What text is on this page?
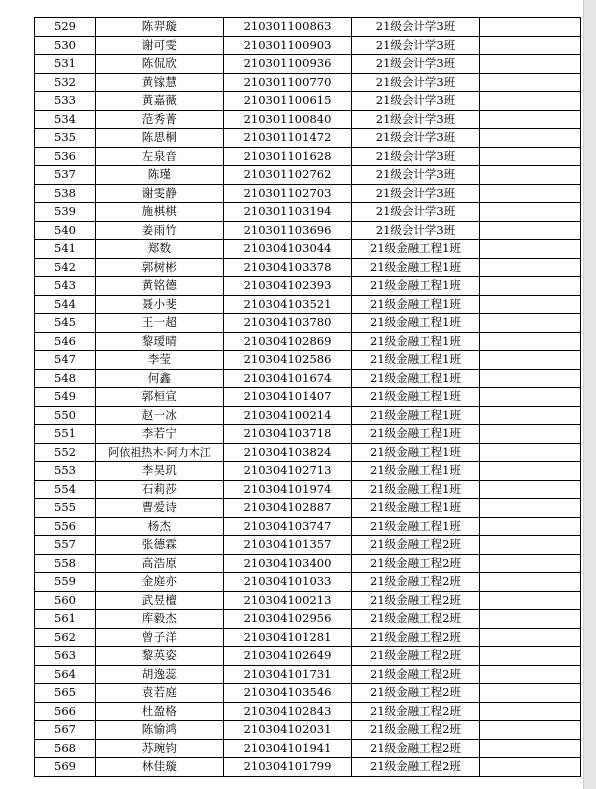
529	陈羿璇	210301100863	21级会计学3班	
530	谢可雯	210301100903	21级会计学3班	
531	陈侃欣	210301100936	21级会计学3班	
532	黄镓慧	210301100770	21级会计学3班	
533	黄嘉薇	210301100615	21级会计学3班	
534	范秀菁	210301100840	21级会计学3班	
535	陈思桐	210301101472	21级会计学3班	
536	左泉音	210301101628	21级会计学3班	
537	陈瑾	210301102762	21级会计学3班	
538	谢雯静	210301102703	21级会计学3班	
539	施棋棋	210301103194	21级会计学3班	
540	姜雨竹	210301103696	21级会计学3班	
541	郑数	210304103044	21级金融工程1班	
542	郭树彬	210304103378	21级金融工程1班	
543	黄铭德	210304102393	21级金融工程1班	
544	聂小斐	210304103521	21级金融工程1班	
545	王一超	210304103780	21级金融工程1班	
546	黎瑷晴	210304102869	21级金融工程1班	
547	李莹	210304102586	21级金融工程1班	
548	何鑫	210304101674	21级金融工程1班	
549	郭桓宣	210304101407	21级金融工程1班	
550	赵一冰	210304100214	21级金融工程1班	
551	李若宁	210304103718	21级金融工程1班	
552	阿依祖热木·阿力木江	210304103824	21级金融工程1班	
553	李昊玑	210304102713	21级金融工程1班	
554	石莉莎	210304101974	21级金融工程1班	
555	曹爱诗	210304102887	21级金融工程1班	
556	杨杰	210304103747	21级金融工程1班	
557	张德霖	210304101357	21级金融工程2班	
558	高浩原	210304103400	21级金融工程2班	
559	金庭亦	210304101033	21级金融工程2班	
560	武昱檀	210304100213	21级金融工程2班	
561	库毅杰	210304102956	21级金融工程2班	
562	曾子洋	210304101281	21级金融工程2班	
563	黎英姿	210304102649	21级金融工程2班	
564	胡逸蕊	210304101731	21级金融工程2班	
565	袁若庭	210304103546	21级金融工程2班	
566	杜盈格	210304102843	21级金融工程2班	
567	陈愉鸿	210304102031	21级金融工程2班	
568	苏琬钧	210304101941	21级金融工程2班	
569	林佳璇	210304101799	21级金融工程2班	
